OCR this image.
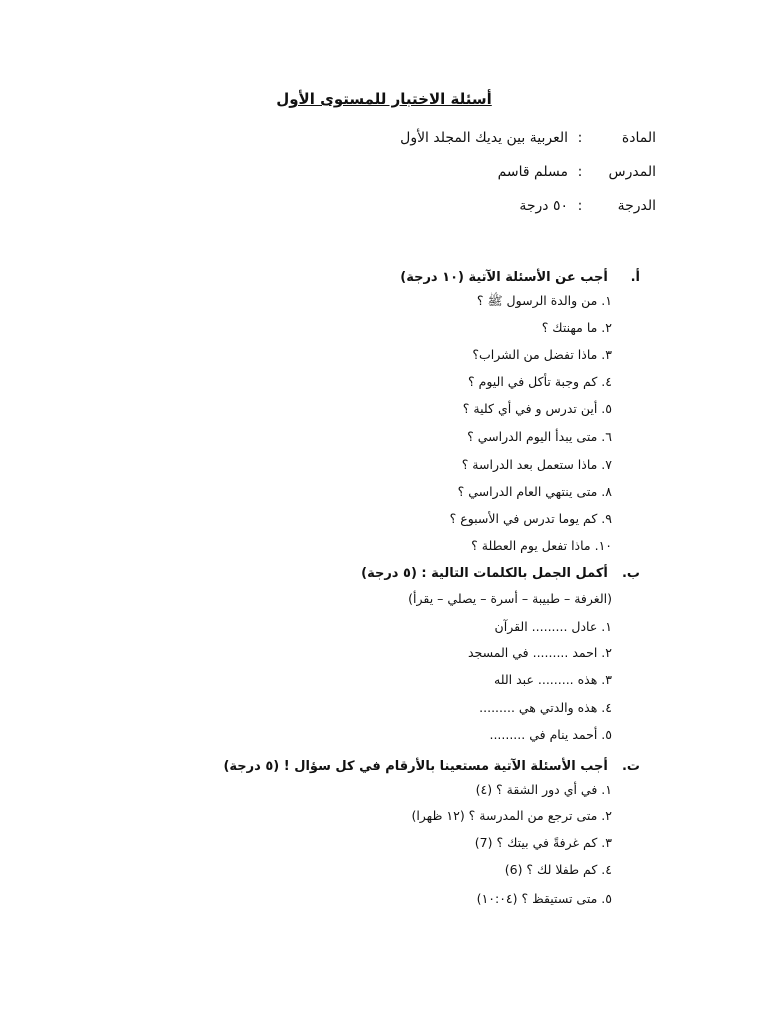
أسئلة الاختبار للمستوى الأول
المادة
:
العربية بين يديك المجلد الأول
المدرس
:
مسلم قاسم
الدرجة
:
٥٠ درجة
أ. أجب عن الأسئلة الآتية (١٠ درجة)
١. من والدة الرسول ﷺ ؟
٢. ما مهنتك ؟
٣. ماذا تفضل من الشراب؟
٤. كم وجبة تأكل في اليوم ؟
٥. أين تدرس و في أي كلية ؟
٦. متى يبدأ اليوم الدراسي ؟
٧. ماذا ستعمل بعد الدراسة ؟
٨. متى ينتهي العام الدراسي ؟
٩. كم يوما تدرس في الأسبوع ؟
١٠. ماذا تفعل يوم العطلة ؟
ب. أكمل الجمل بالكلمات التالية : (٥ درجة)
(الغرفة – طبيبة – أسرة – يصلي – يقرأ)
١. عادل ......... القرآن
٢. احمد ......... في المسجد
٣. هذه ......... عبد الله
٤. هذه والدتي هي .........
٥. أحمد ينام في .........
ت. أجب الأسئلة الآتية مستعينا بالأرقام في كل سؤال ! (٥ درجة)
١. في أي دور الشقة ؟ (٤)
٢. متى ترجع من المدرسة ؟ (١٢ ظهرا)
٣. كم غرفةً في بيتك ؟ (7)
٤. كم طفلا لك ؟ (6)
٥. متى تستيقظ ؟ (١٠:٠٤)
